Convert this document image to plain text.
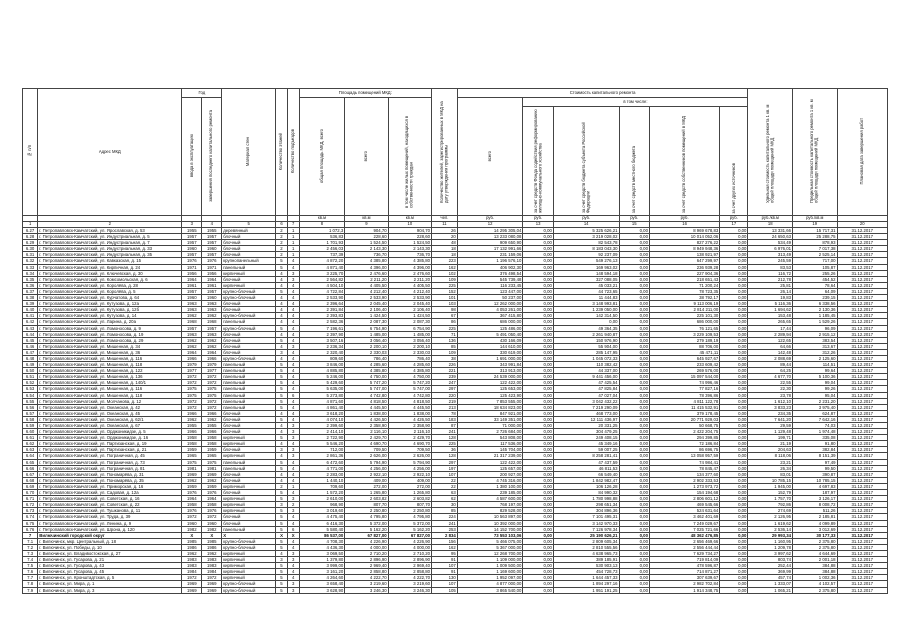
№ п/п	Адрес МКД	Год		Материал стен	Количество этажей	Количество подъездов	Площадь помещений МКД:			Количество жителей, зарегистрированных в МКД на дату утверждения программы	Стоимость капитального ремонта						Удельная стоимость капитального ремонта 1 кв. м общей площади помещений МКД	Предельная стоимость капитального ремонта 1 кв. м общей площади помещений МКД	Плановая дата завершения работ
		ввода в эксплуатацию	завершения последнего капитального ремонта				общая площадь МКД, всего	всего	в том числе жилых помещений, находящихся в собственности граждан		всего	в том числе:							
												за счет средств Фонда содействия реформированию жилищно-коммунального хозяйства	за счет средств бюджета субъекта Российской Федерации	за счет средств местного бюджета	за счет средств собственников помещений в МКД	за счет других источников			
							кв.м	кв.м	кв.м	чел.	руб.	руб.	руб.	руб.	руб.	руб.	руб./кв.м	руб./кв.м	
1	2	3	4	5	6	7	8	9	10	11	12	13	14	15	16	17	18	19	20
6.27	г. Петропавловск-Камчатский, ул. Ярославская, д. 53	1955	1955	деревянный	2	1	1 072,3	904,70	904,70	26	14 295 305,04	0,00	5 325 626,21	0,00	8 969 678,83	0,00	13 331,66	15 717,31	31.12.2017
6.28	г. Петропавловск-Камчатский, ул. Индустриальная, д. 5	1957	1957	блочный	2	1	536,83	228,60	228,60	20	13 233 080,08	0,00	3 219 028,02	0,00	10 014 052,06	0,00	24 650,63	25 288,75	31.12.2017
6.29	г. Петропавловск-Камчатский, ул. Индустриальная, д. 7	1957	1957	блочный	2	1	1 701,93	1 524,50	1 524,50	48	909 650,90	0,00	82 543,78	0,00	827 276,22	0,00	534,49	878,93	31.12.2017
6.30	г. Петропавловск-Камчатский, ул. Индустриальная, д. 33	1960	1960	блочный	2	1	2 456,03	2 143,30	2 143,30	18	17 132 991,66	0,00	8 183 043,30	0,00	8 949 948,36	0,00	6 976,01	7 017,38	31.12.2017
6.31	г. Петропавловск-Камчатский, ул. Индустриальная, д. 35	1957	1957	блочный	2	1	737,39	736,70	736,70	18	231 159,06	0,00	92 237,09	0,00	138 921,97	0,00	313,49	2 525,14	31.12.2017
6.32	г. Петропавловск-Камчатский, ул. Кавказская, д. 15	1976	1976	крупнопанельный	5	4	4 872,20	4 385,80	4 385,80	223	1 196 576,10	0,00	549 276,13	0,00	647 299,97	0,00	245,59	717,00	31.12.2017
6.33	г. Петропавловск-Камчатский, ул. Кирпичная, д. 24	1971	1971	панельный	5	4	4 871,40	4 396,00	4 396,00	162	406 902,30	0,00	169 963,02	0,00	236 939,28	0,00	83,53	105,87	31.12.2017
6.34	г. Петропавловск-Камчатский, ул. Ключевская, д. 30	1956	1956	кирпичный	4	3	3 225,70	2 476,60	2 476,60	102	376 498,54	0,00	148 594,18	0,00	227 904,36	0,00	116,72	255,26	31.12.2017
6.35	г. Петропавловск-Камчатский, ул. Комсомольская, д. 6	1964	1964	блочный	4	3	2 564,82	2 211,20	2 211,20	109	545 739,48	0,00	327 088,05	0,00	218 651,43	0,00	212,78	454,52	31.12.2017
6.36	г. Петропавловск-Камчатский, ул. Королёва, д. 28	1961	1961	кирпичный	4	4	4 504,10	4 405,50	4 405,50	225	116 233,45	0,00	45 033,21	0,00	71 200,24	0,00	25,81	78,64	31.12.2017
6.37	г. Петропавловск-Камчатский, ул. Королёва, д. 5	1957	1957	крупно-блочный	5	4	4 722,84	4 212,40	4 212,40	152	123 447,00	0,00	44 723,65	0,00	78 723,35	0,00	26,14	64,09	31.12.2017
6.38	г. Петропавловск-Камчатский, ул. Курчатова, д. 64	1960	1960	крупно-блочный	4	4	2 533,90	2 533,90	2 533,90	101	50 237,00	0,00	11 444,83	0,00	38 792,17	0,00	19,83	239,15	31.12.2017
6.39	г. Петропавловск-Камчатский, ул. Кутузова, д. 12а	1963	1963	блочный	4	4	2 396,64	2 045,40	2 045,40	103	12 262 000,00	0,00	3 148 993,81	0,00	9 113 006,19	0,00	5 116,36	6 338,56	31.12.2017
6.40	г. Петропавловск-Камчатский, ул. Кутузова, д. 12б	1963	1963	блочный	4	4	2 391,84	2 106,40	2 106,40	98	4 053 261,00	0,00	1 239 050,00	0,00	2 814 211,00	0,00	1 694,62	2 130,36	31.12.2017
6.41	г. Петропавловск-Камчатский, ул. Кутузова, д. 14	1962	1962	крупно-блочный	4	4	2 393,83	1 424,50	1 424,50	67	367 415,80	0,00	142 314,50	0,00	225 101,30	0,00	153,48	1 185,45	31.12.2017
6.42	г. Петропавловск-Камчатский, ул. Ларина, д. 20а	1968	1968	панельный	4	4	2 582,36	2 087,30	2 087,30	86	686 000,00	0,00	0,00	0,00	686 000,00	0,00	265,65	1 529,26	31.12.2017
6.43	г. Петропавловск-Камчатский, ул. Ломоносова, д. 9	1957	1957	крупно-блочный	5	4	7 196,61	6 754,90	6 754,90	225	125 486,00	0,00	49 364,35	0,00	76 121,65	0,00	17,44	96,09	31.12.2017
6.44	г. Петропавловск-Камчатский, ул. Ломоносова, д. 19	1963	1963	блочный	4	4	2 397,90	1 485,00	1 485,00	71	5 491 050,40	0,00	2 261 940,87	0,00	3 229 109,53	0,00	2 289,94	2 915,12	31.12.2017
6.45	г. Петропавловск-Камчатский, ул. Ломоносова, д. 29	1962	1962	блочный	5	4	3 507,16	3 056,40	3 056,40	136	430 166,09	0,00	150 976,90	0,00	279 189,19	0,00	122,65	383,54	31.12.2017
6.46	г. Петропавловск-Камчатский, ул. Мишенная, д. 34	1962	1962	блочный	4	3	2 236,34	2 200,10	2 200,10	85	144 610,00	0,00	55 904,00	0,00	88 706,00	0,00	64,66	313,67	31.12.2017
6.47	г. Петропавловск-Камчатский, ул. Мишенная, д. 36	1964	1964	блочный	3	4	2 320,40	2 330,03	2 330,03	109	330 619,00	0,00	285 147,95	0,00	45 471,11	0,00	142,48	312,26	31.12.2017
6.48	г. Петропавловск-Камчатский, ул. Мишенная, д. 116	1966	1966	крупно-блочный	4	4	809,60	786,40	786,40	38	1 691 000,00	0,00	1 045 072,33	0,00	645 927,67	0,00	2 088,69	2 125,60	31.12.2017
6.49	г. Петропавловск-Камчатский, ул. Мишенная, д. 118	1979	1979	панельный	5	4	3 846,00	4 285,60	4 285,60	226	343 991,84	0,00	110 382,42	0,00	233 609,42	0,00	89,44	114,51	31.12.2017
6.50	г. Петропавловск-Камчатский, ул. Мишенная, д. 122	1977	1977	панельный	5	4	4 885,80	4 385,80	4 385,80	221	313 913,00	0,00	44 337,00	0,00	269 576,00	0,00	64,25	99,64	31.12.2017
6.51	г. Петропавловск-Камчатский, ул. Мишенная, д. 136	1972	1972	панельный	5	4	5 246,00	4 750,00	4 750,00	239	24 539 000,00	0,00	9 441 456,00	0,00	15 097 544,00	0,00	4 677,70	5 100,36	31.12.2017
6.52	г. Петропавловск-Камчатский, ул. Мишенная, д. 140/1	1972	1972	панельный	5	4	5 429,60	5 747,20	5 747,20	247	122 422,00	0,00	47 425,54	0,00	74 996,46	0,00	22,55	99,04	31.12.2017
6.53	г. Петропавловск-Камчатский, ул. Мишенная, д. 116	1975	1975	панельный	5	4	5 635,00	5 747,00	5 747,00	297	125 653,00	0,00	47 825,84	0,00	77 827,16	0,00	22,30	99,26	31.12.2017
6.54	г. Петропавловск-Камчатский, ул. Мишенная, д. 118	1975	1975	панельный	5	6	5 273,80	4 742,80	4 742,80	220	125 423,90	0,00	47 027,04	0,00	78 396,86	0,00	23,78	95,04	31.12.2017
6.55	г. Петропавловск-Камчатский, ул. Молчанова, д. 12	1972	1972	панельный	5	4	4 871,60	4 818,50	4 818,50	219	7 853 555,00	0,00	3 042 432,22	0,00	4 811 122,78	0,00	1 612,10	2 231,20	31.12.2017
6.56	г. Петропавловск-Камчатский, ул. Океанская, д. 42	1972	1972	панельный	5	4	4 861,40	4 445,50	4 445,50	213	18 634 823,00	0,00	7 219 290,09	0,00	11 415 532,91	0,00	3 833,23	3 975,40	31.12.2017
6.57	г. Петропавловск-Камчатский, ул. Океанская, д. 45	1966	1966	блочный	4	4	3 618,20	1 838,00	1 838,00	78	847 921,00	0,00	468 773,00	0,00	379 178,45	0,00	234,35	624,87	31.12.2017
6.58	г. Петропавловск-Камчатский, ул. Океанская, д. 62/1	1962	1962	блочный	5	4	4 074,10	4 426,50	4 426,50	183	33 149 351,00	0,00	12 111 436,97	0,00	20 771 929,03	0,00	7 641,20	7 642,16	31.12.2017
6.59	г. Петропавловск-Камчатский, ул. Океанская, д. 67	1955	1955	блочный	4	3	2 399,60	2 358,90	2 358,90	87	71 000,00	0,00	20 331,25	0,00	50 668,75	0,00	29,59	74,03	31.12.2017
6.60	г. Петропавловск-Камчатский, ул. Орджоникидзе, д. 5	1966	1966	блочный	4	3	2 414,10	2 116,10	2 116,10	241	2 726 684,00	0,00	304 479,25	0,00	2 422 204,75	0,00	1 129,48	1 974,48	31.12.2017
6.61	г. Петропавловск-Камчатский, ул. Орджоникидзе, д. 16	1958	1958	кирпичный	5	3	2 722,90	2 429,70	2 429,70	128	543 808,00	0,00	249 408,15	0,00	294 399,85	0,00	199,71	335,08	31.12.2017
6.62	г. Петропавловск-Камчатский, ул. Партизанская, д. 19	1958	1958	кирпичный	4	4	5 546,20	4 690,70	4 690,70	225	117 536,00	0,00	45 349,16	0,00	72 186,84	0,00	21,19	91,80	31.12.2017
6.63	г. Петропавловск-Камчатский, ул. Партизанская, д. 21	1959	1959	блочный	3	3	712,00	709,50	709,50	36	145 704,00	0,00	59 007,25	0,00	86 696,75	0,00	204,63	382,84	31.12.2017
6.64	г. Петропавловск-Камчатский, ул. Пограничная, д. 45	1965	1965	кирпичный	4	3	2 861,36	2 626,00	2 626,00	128	21 317 239,00	0,00	8 258 281,41	0,00	13 058 957,59	0,00	8 118,06	8 151,39	31.12.2017
6.65	г. Петропавловск-Камчатский, ул. Пограничная, д. 73	1975	1975	панельный	5	4	6 472,60	5 794,90	5 794,90	297	122 422,00	0,00	47 437,59	0,00	74 984,41	0,00	23,21	97,49	31.12.2017
6.66	г. Петропавловск-Камчатский, ул. Пограничная, д. 81	1981	1981	панельный	5	4	4 771,00	4 256,00	4 256,00	197	125 657,00	0,00	46 811,53	0,00	78 845,47	0,00	26,34	99,50	31.12.2017
6.67	г. Петропавловск-Камчатский, ул. Пономарёва, д. 31	1969	1969	блочный	4	4	2 283,00	2 922,10	2 922,10	107	200 927,00	0,00	66 549,40	0,00	134 377,60	0,00	83,01	390,87	31.12.2017
6.68	г. Петропавловск-Камчатский, ул. Пономарёва, д. 35	1962	1962	блочный	4	4	1 440,10	409,00	409,00	22	4 745 316,00	0,00	1 842 982,47	0,00	2 902 333,53	0,00	10 785,15	10 785,15	31.12.2017
6.69	г. Петропавловск-Камчатский, ул. Приморская, д. 16	1959	1959	кирпичный	2	1	709,60	272,00	272,00	22	1 380 100,00	0,00	106 126,28	0,00	1 273 973,72	0,00	1 945,00	4 697,83	31.12.2017
6.70	г. Петропавловск-Камчатский, ул. Садовая, д. 12а	1976	1976	блочный	5	4	1 572,20	1 265,80	1 265,80	63	239 185,00	0,00	84 990,32	0,00	154 194,68	0,00	152,79	187,97	31.12.2017
6.71	г. Петропавловск-Камчатский, ул. Советская, д. 16	1964	1964	кирпичный	5	3	2 610,00	2 603,82	2 603,82	62	4 587 600,00	0,00	1 780 998,88	0,00	2 806 601,12	0,00	1 757,70	3 126,17	31.12.2017
6.72	г. Петропавловск-Камчатский, ул. Советская, д. 22	1958	1958	кирпичный	3	2	968,90	807,70	807,70	30	768 197,00	0,00	298 651,34	0,00	469 545,66	0,00	792,86	8 008,72	31.12.2017
6.73	г. Петропавловск-Камчатский, ул. Тушканова, д. 11	1976	1976	кирпичный	5	3	3 019,60	2 250,80	2 250,80	85	829 528,00	0,00	304 896,36	0,00	524 631,64	0,00	274,69	511,26	31.12.2017
6.74	г. Петропавловск-Камчатский, ул. Труда, д. 39	1972	1972	блочный	5	4	4 475,40	4 795,80	4 795,80	224	10 563 897,00	0,00	7 101 495,31	0,00	3 462 401,69	0,00	2 126,95	2 185,81	31.12.2017
6.75	г. Петропавловск-Камчатский, ул. Ленина, д. 9	1960	1960	блочный	5	4	6 416,30	5 372,00	5 372,00	241	10 392 000,00	0,00	3 142 970,33	0,00	7 249 029,67	0,00	1 619,62	4 099,89	31.12.2017
6.76	г. Петропавловск-Камчатский, ул. Шрона, д. 120	1982	1982	панельный	5	6	5 580,40	5 162,20	5 162,20	253	14 152 700,00	0,00	7 126 978,34	0,00	7 025 721,66	0,00	2 536,14	3 012,69	31.12.2017
7	Вилючинский городской округ	X	X	X	X	X	86 537,00	67 827,00	67 827,00	2 834	73 553 103,06	0,00	25 190 626,21	0,00	48 362 476,85	0,00	29 993,34	30 177,33	31.12.2017
7.1	г. Вилючинск, мкр. Центральный, д. 18	1985	1985	крупно-блочный	5	4	4 708,30	4 226,90	4 226,90	156	5 466 075,00	0,00	2 809 605,34	0,00	2 656 469,66	0,00	1 160,95	2 375,80	31.12.2017
7.2	г. Вилючинск, ул. Победы, д. 10	1986	1986	крупно-блочный	5	4	4 436,30	4 000,00	4 000,00	162	5 367 000,00	0,00	2 810 555,56	0,00	2 556 444,44	0,00	1 209,78	2 375,80	31.12.2017
7.3	г. Вилючинск, ул. Владивостокская, д. 27	1962	1962	кирпичный	4	3	3 069,50	2 710,20	2 710,20	95	12 268 700,00	0,00	4 638 965,73	0,00	7 629 734,27	0,00	3 997,62	4 644,69	31.12.2017
7.4	г. Вилючинск, ул. Гусарова, д. 21	1983	1983	кирпичный	3	3	1 379,80	2 896,90	2 896,90	91	1 109 000,00	0,00	389 185,91	0,00	719 814,09	0,00	803,74	2 001,18	31.12.2017
7.5	г. Вилючинск, ул. Гусарова, д. 43	1983	1983	кирпичный	5	4	3 999,00	2 969,40	2 969,40	107	1 009 500,00	0,00	530 903,13	0,00	478 596,87	0,00	252,44	384,88	31.12.2017
7.6	г. Вилючинск, ул. Гусарова, д. 45	1984	1984	кирпичный	5	4	3 161,20	2 858,80	2 858,80	91	1 169 600,00	0,00	454 728,73	0,00	714 871,27	0,00	369,99	384,88	31.12.2017
7.7	г. Вилючинск, ул. Кронштадтская, д. 5	1972	1972	кирпичный	5	4	4 264,60	4 222,70	4 222,70	130	1 952 097,00	0,00	1 644 457,33	0,00	307 639,67	0,00	457,74	1 002,36	31.12.2017
7.8	г. Вилючинск, ул. Мира, д. 1	1969	1969	крупно-блочный	5	3	3 658,40	3 219,60	3 219,60	107	4 877 000,00	0,00	1 894 297,16	0,00	2 982 702,84	0,00	1 333,07	4 102,57	31.12.2017
7.9	г. Вилючинск, ул. Мира, д. 3	1969	1969	крупно-блочный	5	3	3 628,90	3 246,30	3 246,30	105	3 865 540,00	0,00	1 951 191,25	0,00	1 914 348,75	0,00	1 065,21	2 375,80	31.12.2017
